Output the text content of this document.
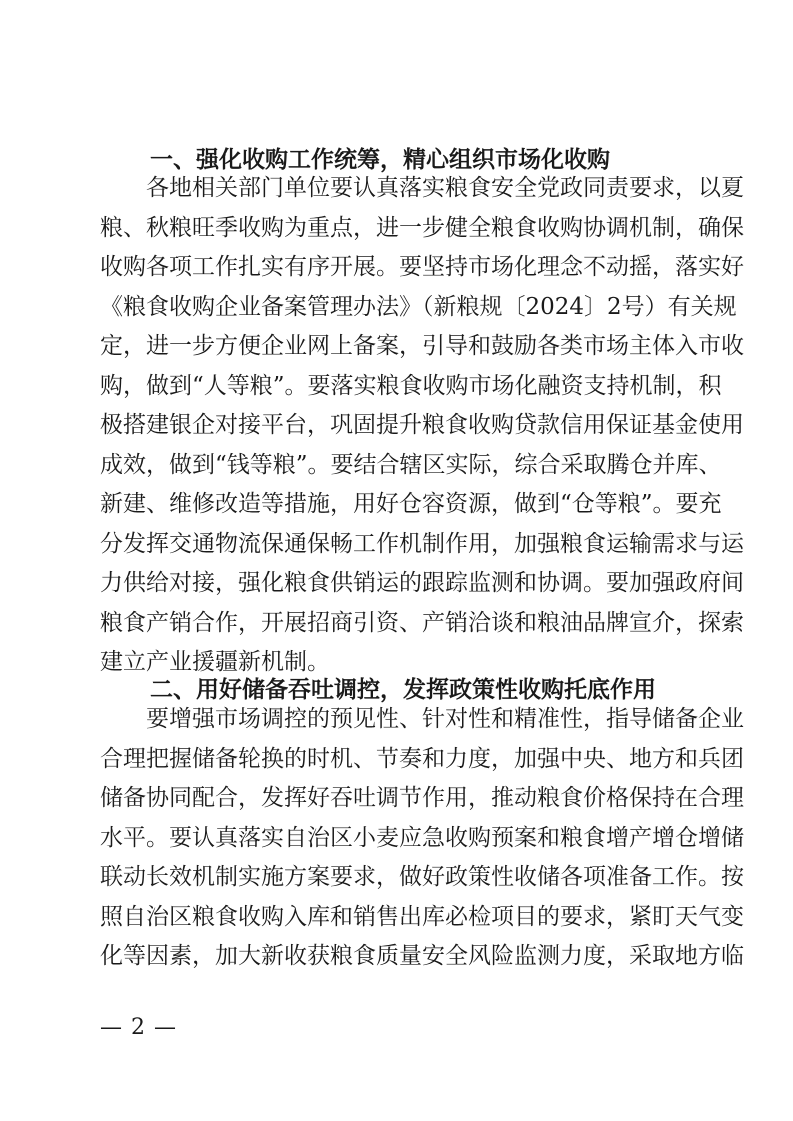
一、强化收购工作统筹，精心组织市场化收购
各地相关部门单位要认真落实粮食安全党政同责要求，以夏
粮、秋粮旺季收购为重点，进一步健全粮食收购协调机制，确保
收购各项工作扎实有序开展。要坚持市场化理念不动摇，落实好
《粮食收购企业备案管理办法》（新粮规〔2024〕2号）有关规
定，进一步方便企业网上备案，引导和鼓励各类市场主体入市收
购，做到“人等粮”。要落实粮食收购市场化融资支持机制，积
极搭建银企对接平台，巩固提升粮食收购贷款信用保证基金使用
成效，做到“钱等粮”。要结合辖区实际，综合采取腾仓并库、
新建、维修改造等措施，用好仓容资源，做到“仓等粮”。要充
分发挥交通物流保通保畅工作机制作用，加强粮食运输需求与运
力供给对接，强化粮食供销运的跟踪监测和协调。要加强政府间
粮食产销合作，开展招商引资、产销洽谈和粮油品牌宣介，探索
建立产业援疆新机制。
二、用好储备吞吐调控，发挥政策性收购托底作用
要增强市场调控的预见性、针对性和精准性，指导储备企业
合理把握储备轮换的时机、节奏和力度，加强中央、地方和兵团
储备协同配合，发挥好吞吐调节作用，推动粮食价格保持在合理
水平。要认真落实自治区小麦应急收购预案和粮食增产增仓增储
联动长效机制实施方案要求，做好政策性收储各项准备工作。按
照自治区粮食收购入库和销售出库必检项目的要求，紧盯天气变
化等因素，加大新收获粮食质量安全风险监测力度，采取地方临
— 2 —
